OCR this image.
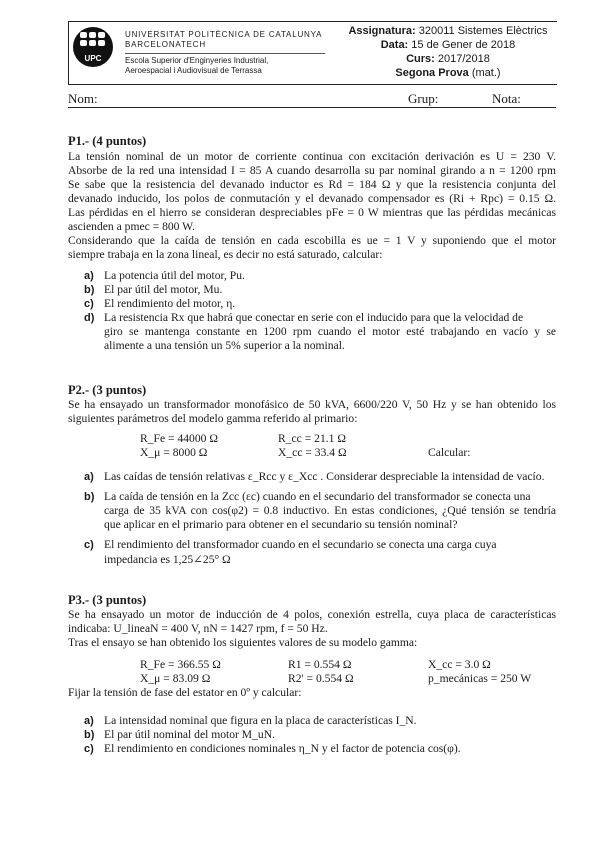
UPC
UNIVERSITAT POLITÈCNICA DE CATALUNYA
BARCELONATECH
Escola Superior d'Enginyeries Industrial,
Aeroespacial i Audiovisual de Terrassa
Assignatura: 320011 Sistemes Elèctrics
Data: 15 de Gener de 2018
Curs: 2017/2018
Segona Prova (mat.)
Nom:	Grup:	Nota:
P1.- (4 puntos)
La tensión nominal de un motor de corriente continua con excitación derivación es U = 230 V.
Absorbe de la red una intensidad I = 85 A cuando desarrolla su par nominal girando a n = 1200 rpm
Se sabe que la resistencia del devanado inductor es Rd = 184 Ω y que la resistencia conjunta del
devanado inducido, los polos de conmutación y el devanado compensador es (Ri + Rpc) = 0.15 Ω.
Las pérdidas en el hierro se consideran despreciables pFe = 0 W mientras que las pérdidas mecánicas
ascienden a pmec = 800 W.
Considerando que la caída de tensión en cada escobilla es ue = 1 V y suponiendo que el motor
siempre trabaja en la zona lineal, es decir no está saturado, calcular:
a) La potencia útil del motor, Pu.
b) El par útil del motor, Mu.
c) El rendimiento del motor, η.
d) La resistencia Rx que habrá que conectar en serie con el inducido para que la velocidad de
giro se mantenga constante en 1200 rpm cuando el motor esté trabajando en vacío y se
alimente a una tensión un 5% superior a la nominal.
P2.- (3 puntos)
Se ha ensayado un transformador monofásico de 50 kVA, 6600/220 V, 50 Hz y se han obtenido los
siguientes parámetros del modelo gamma referido al primario:
R_Fe = 44000 Ω	R_cc = 21.1 Ω
X_μ = 8000 Ω	X_cc = 33.4 Ω	Calcular:
a) Las caídas de tensión relativas ε_Rcc y ε_Xcc . Considerar despreciable la intensidad de vacío.
b) La caída de tensión en la Zcc (εc) cuando en el secundario del transformador se conecta una
carga de 35 kVA con cos(φ2) = 0.8 inductivo. En estas condiciones, ¿Qué tensión se tendría
que aplicar en el primario para obtener en el secundario su tensión nominal?
c) El rendimiento del transformador cuando en el secundario se conecta una carga cuya
impedancia es 1,25∠25° Ω
P3.- (3 puntos)
Se ha ensayado un motor de inducción de 4 polos, conexión estrella, cuya placa de características
indicaba: U_lineaN = 400 V, nN = 1427 rpm, f = 50 Hz.
Tras el ensayo se han obtenido los siguientes valores de su modelo gamma:
R_Fe = 366.55 Ω	R1 = 0.554 Ω	X_cc = 3.0 Ω
X_μ = 83.09 Ω	R2' = 0.554 Ω	p_mecánicas = 250 W
Fijar la tensión de fase del estator en 0º y calcular:
a) La intensidad nominal que figura en la placa de características I_N.
b) El par útil nominal del motor M_uN.
c) El rendimiento en condiciones nominales η_N y el factor de potencia cos(φ).
